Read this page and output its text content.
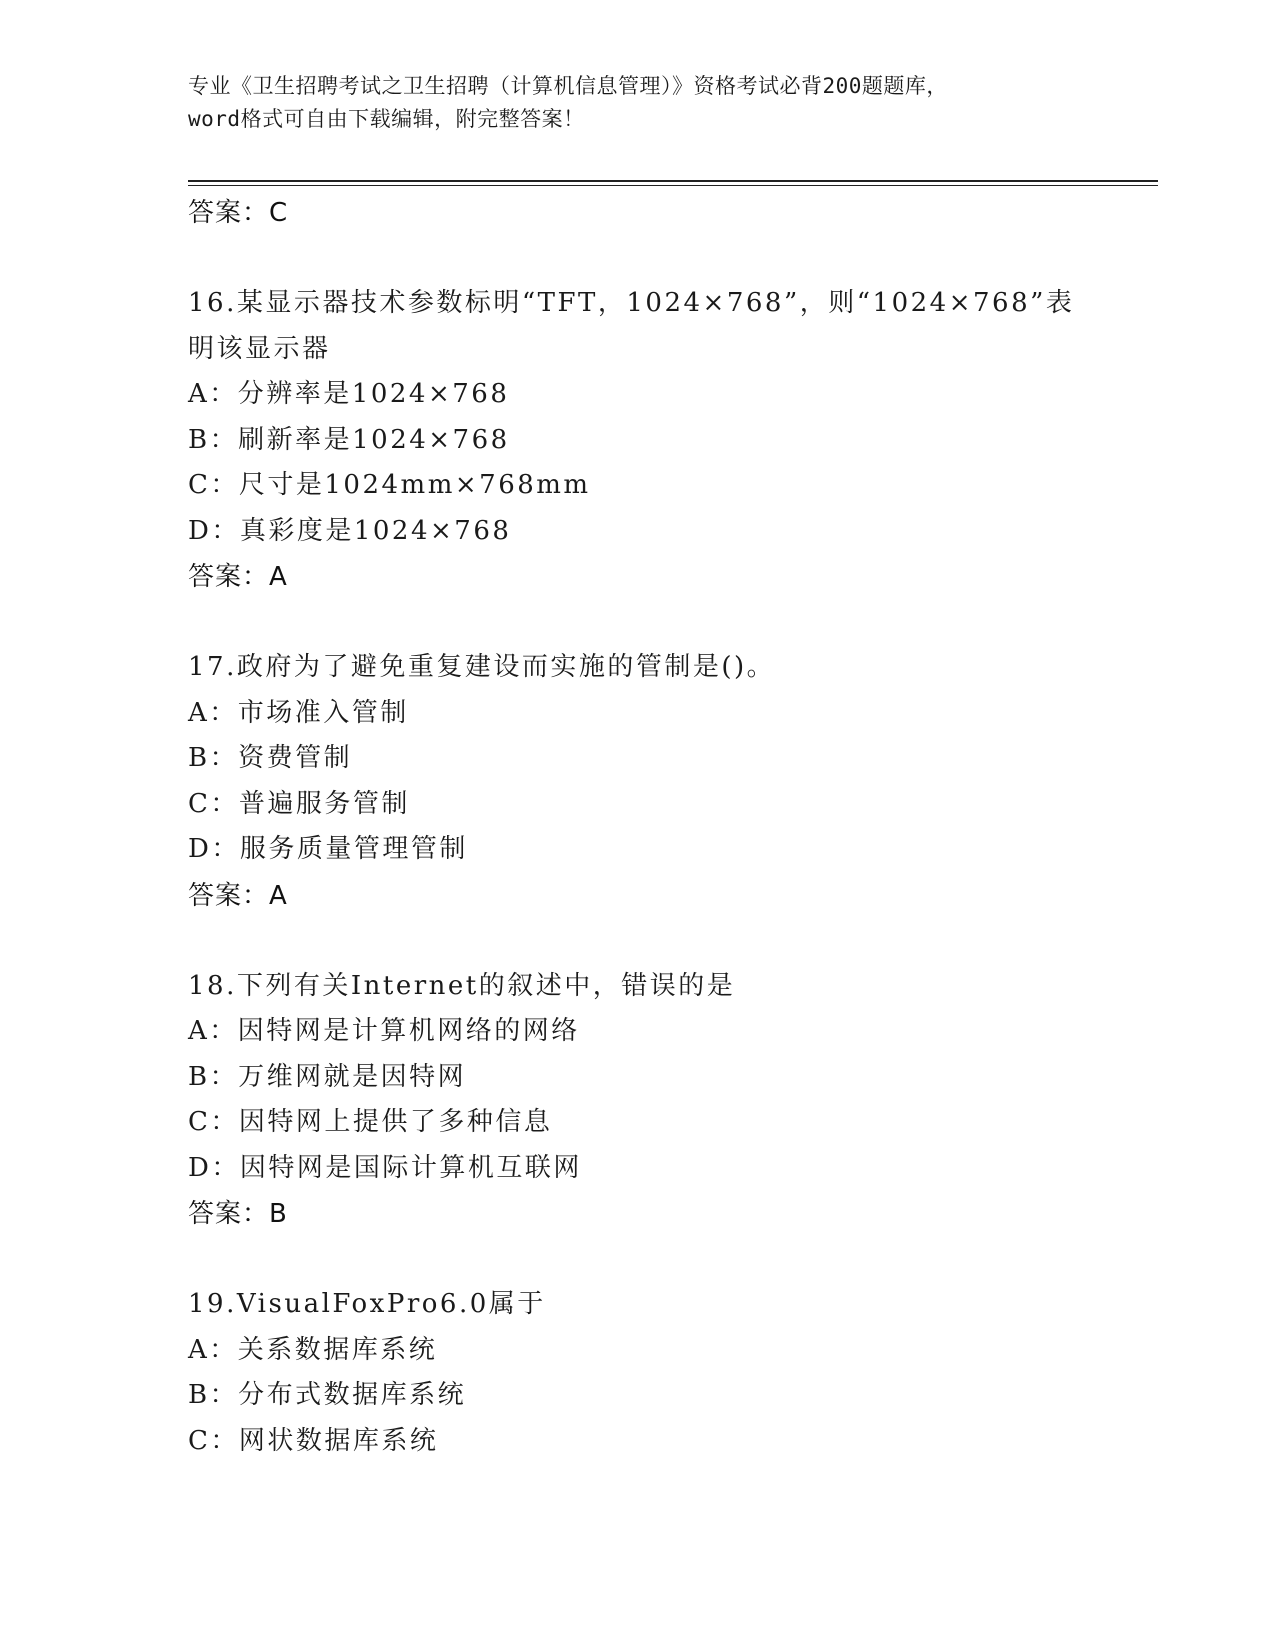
专业《卫生招聘考试之卫生招聘（计算机信息管理）》资格考试必背200题题库，
word格式可自由下载编辑，附完整答案！
答案：C
16.某显示器技术参数标明“TFT，1024×768”，则“1024×768”表
明该显示器
A：分辨率是1024×768
B：刷新率是1024×768
C：尺寸是1024mm×768mm
D：真彩度是1024×768
答案：A
17.政府为了避免重复建设而实施的管制是()。
A：市场准入管制
B：资费管制
C：普遍服务管制
D：服务质量管理管制
答案：A
18.下列有关Internet的叙述中，错误的是
A：因特网是计算机网络的网络
B：万维网就是因特网
C：因特网上提供了多种信息
D：因特网是国际计算机互联网
答案：B
19.VisualFoxPro6.0属于
A：关系数据库系统
B：分布式数据库系统
C：网状数据库系统
